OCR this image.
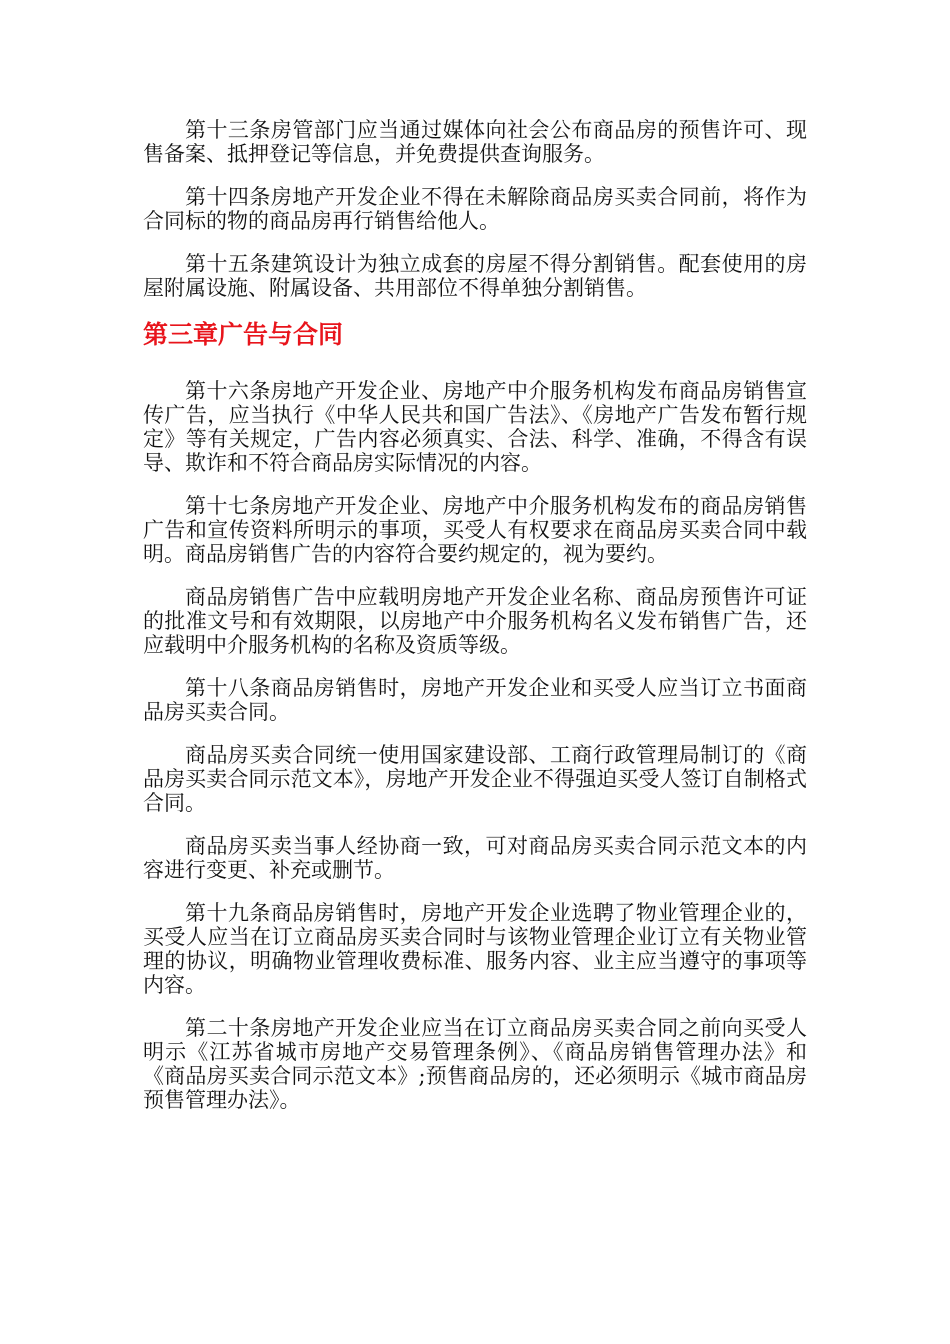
第十三条房管部门应当通过媒体向社会公布商品房的预售许可、现售备案、抵押登记等信息，并免费提供查询服务。

第十四条房地产开发企业不得在未解除商品房买卖合同前，将作为合同标的物的商品房再行销售给他人。

第十五条建筑设计为独立成套的房屋不得分割销售。配套使用的房屋附属设施、附属设备、共用部位不得单独分割销售。

第三章广告与合同

第十六条房地产开发企业、房地产中介服务机构发布商品房销售宣传广告，应当执行《中华人民共和国广告法》、《房地产广告发布暂行规定》等有关规定，广告内容必须真实、合法、科学、准确，不得含有误导、欺诈和不符合商品房实际情况的内容。

第十七条房地产开发企业、房地产中介服务机构发布的商品房销售广告和宣传资料所明示的事项，买受人有权要求在商品房买卖合同中载明。商品房销售广告的内容符合要约规定的，视为要约。

商品房销售广告中应载明房地产开发企业名称、商品房预售许可证的批准文号和有效期限，以房地产中介服务机构名义发布销售广告，还应载明中介服务机构的名称及资质等级。

第十八条商品房销售时，房地产开发企业和买受人应当订立书面商品房买卖合同。

商品房买卖合同统一使用国家建设部、工商行政管理局制订的《商品房买卖合同示范文本》，房地产开发企业不得强迫买受人签订自制格式合同。

商品房买卖当事人经协商一致，可对商品房买卖合同示范文本的内容进行变更、补充或删节。

第十九条商品房销售时，房地产开发企业选聘了物业管理企业的，买受人应当在订立商品房买卖合同时与该物业管理企业订立有关物业管理的协议，明确物业管理收费标准、服务内容、业主应当遵守的事项等内容。

第二十条房地产开发企业应当在订立商品房买卖合同之前向买受人明示《江苏省城市房地产交易管理条例》、《商品房销售管理办法》和《商品房买卖合同示范文本》;预售商品房的，还必须明示《城市商品房预售管理办法》。
